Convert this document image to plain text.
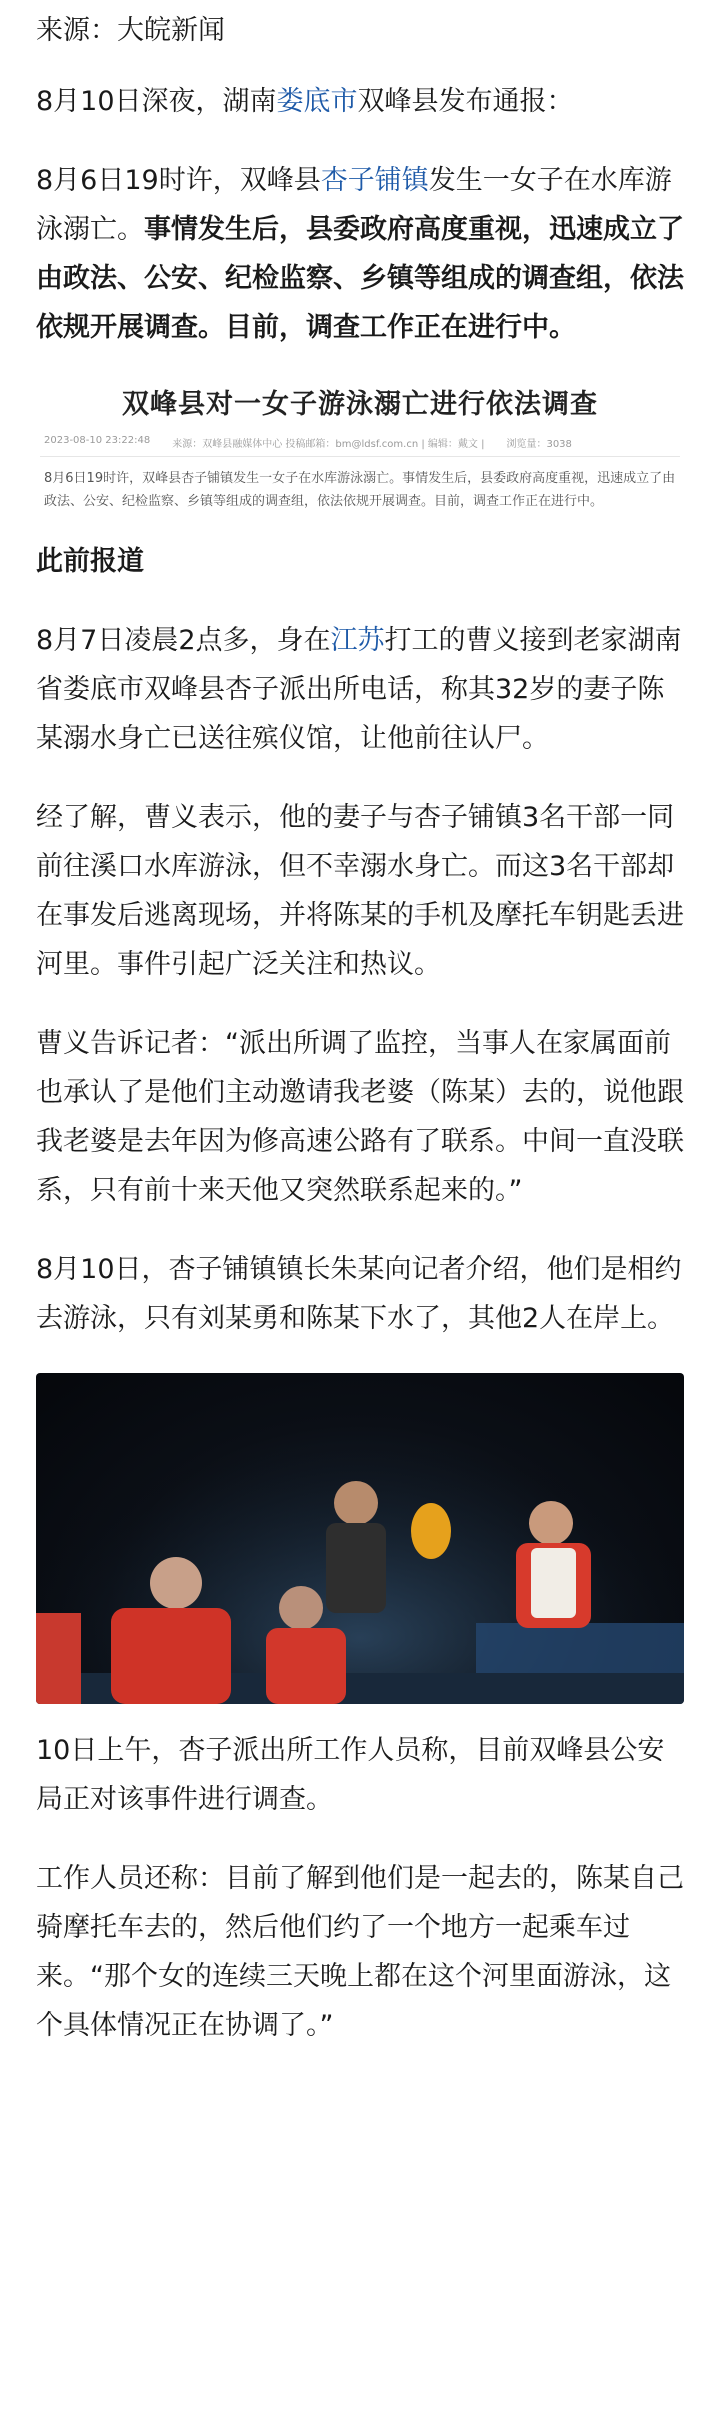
来源：大皖新闻
8月10日深夜，湖南娄底市双峰县发布通报：
8月6日19时许，双峰县杏子铺镇发生一女子在水库游泳溺亡。事情发生后，县委政府高度重视，迅速成立了由政法、公安、纪检监察、乡镇等组成的调查组，依法依规开展调查。目前，调查工作正在进行中。
双峰县对一女子游泳溺亡进行依法调查
2023-08-10 23:22:48 来源：双峰县融媒体中心 投稿邮箱：bm@ldsf.com.cn | 编辑：戴文 | 浏览量：3038
8月6日19时许，双峰县杏子铺镇发生一女子在水库游泳溺亡。事情发生后，县委政府高度重视，迅速成立了由政法、公安、纪检监察、乡镇等组成的调查组，依法依规开展调查。目前，调查工作正在进行中。
此前报道
8月7日凌晨2点多，身在江苏打工的曹义接到老家湖南省娄底市双峰县杏子派出所电话，称其32岁的妻子陈某溺水身亡已送往殡仪馆，让他前往认尸。
经了解，曹义表示，他的妻子与杏子铺镇3名干部一同前往溪口水库游泳，但不幸溺水身亡。而这3名干部却在事发后逃离现场，并将陈某的手机及摩托车钥匙丢进河里。事件引起广泛关注和热议。
曹义告诉记者：“派出所调了监控，当事人在家属面前也承认了是他们主动邀请我老婆（陈某）去的，说他跟我老婆是去年因为修高速公路有了联系。中间一直没联系，只有前十来天他又突然联系起来的。”
8月10日，杏子铺镇镇长朱某向记者介绍，他们是相约去游泳，只有刘某勇和陈某下水了，其他2人在岸上。
10日上午，杏子派出所工作人员称，目前双峰县公安局正对该事件进行调查。
工作人员还称：目前了解到他们是一起去的，陈某自己骑摩托车去的，然后他们约了一个地方一起乘车过来。“那个女的连续三天晚上都在这个河里面游泳，这个具体情况正在协调了。”
